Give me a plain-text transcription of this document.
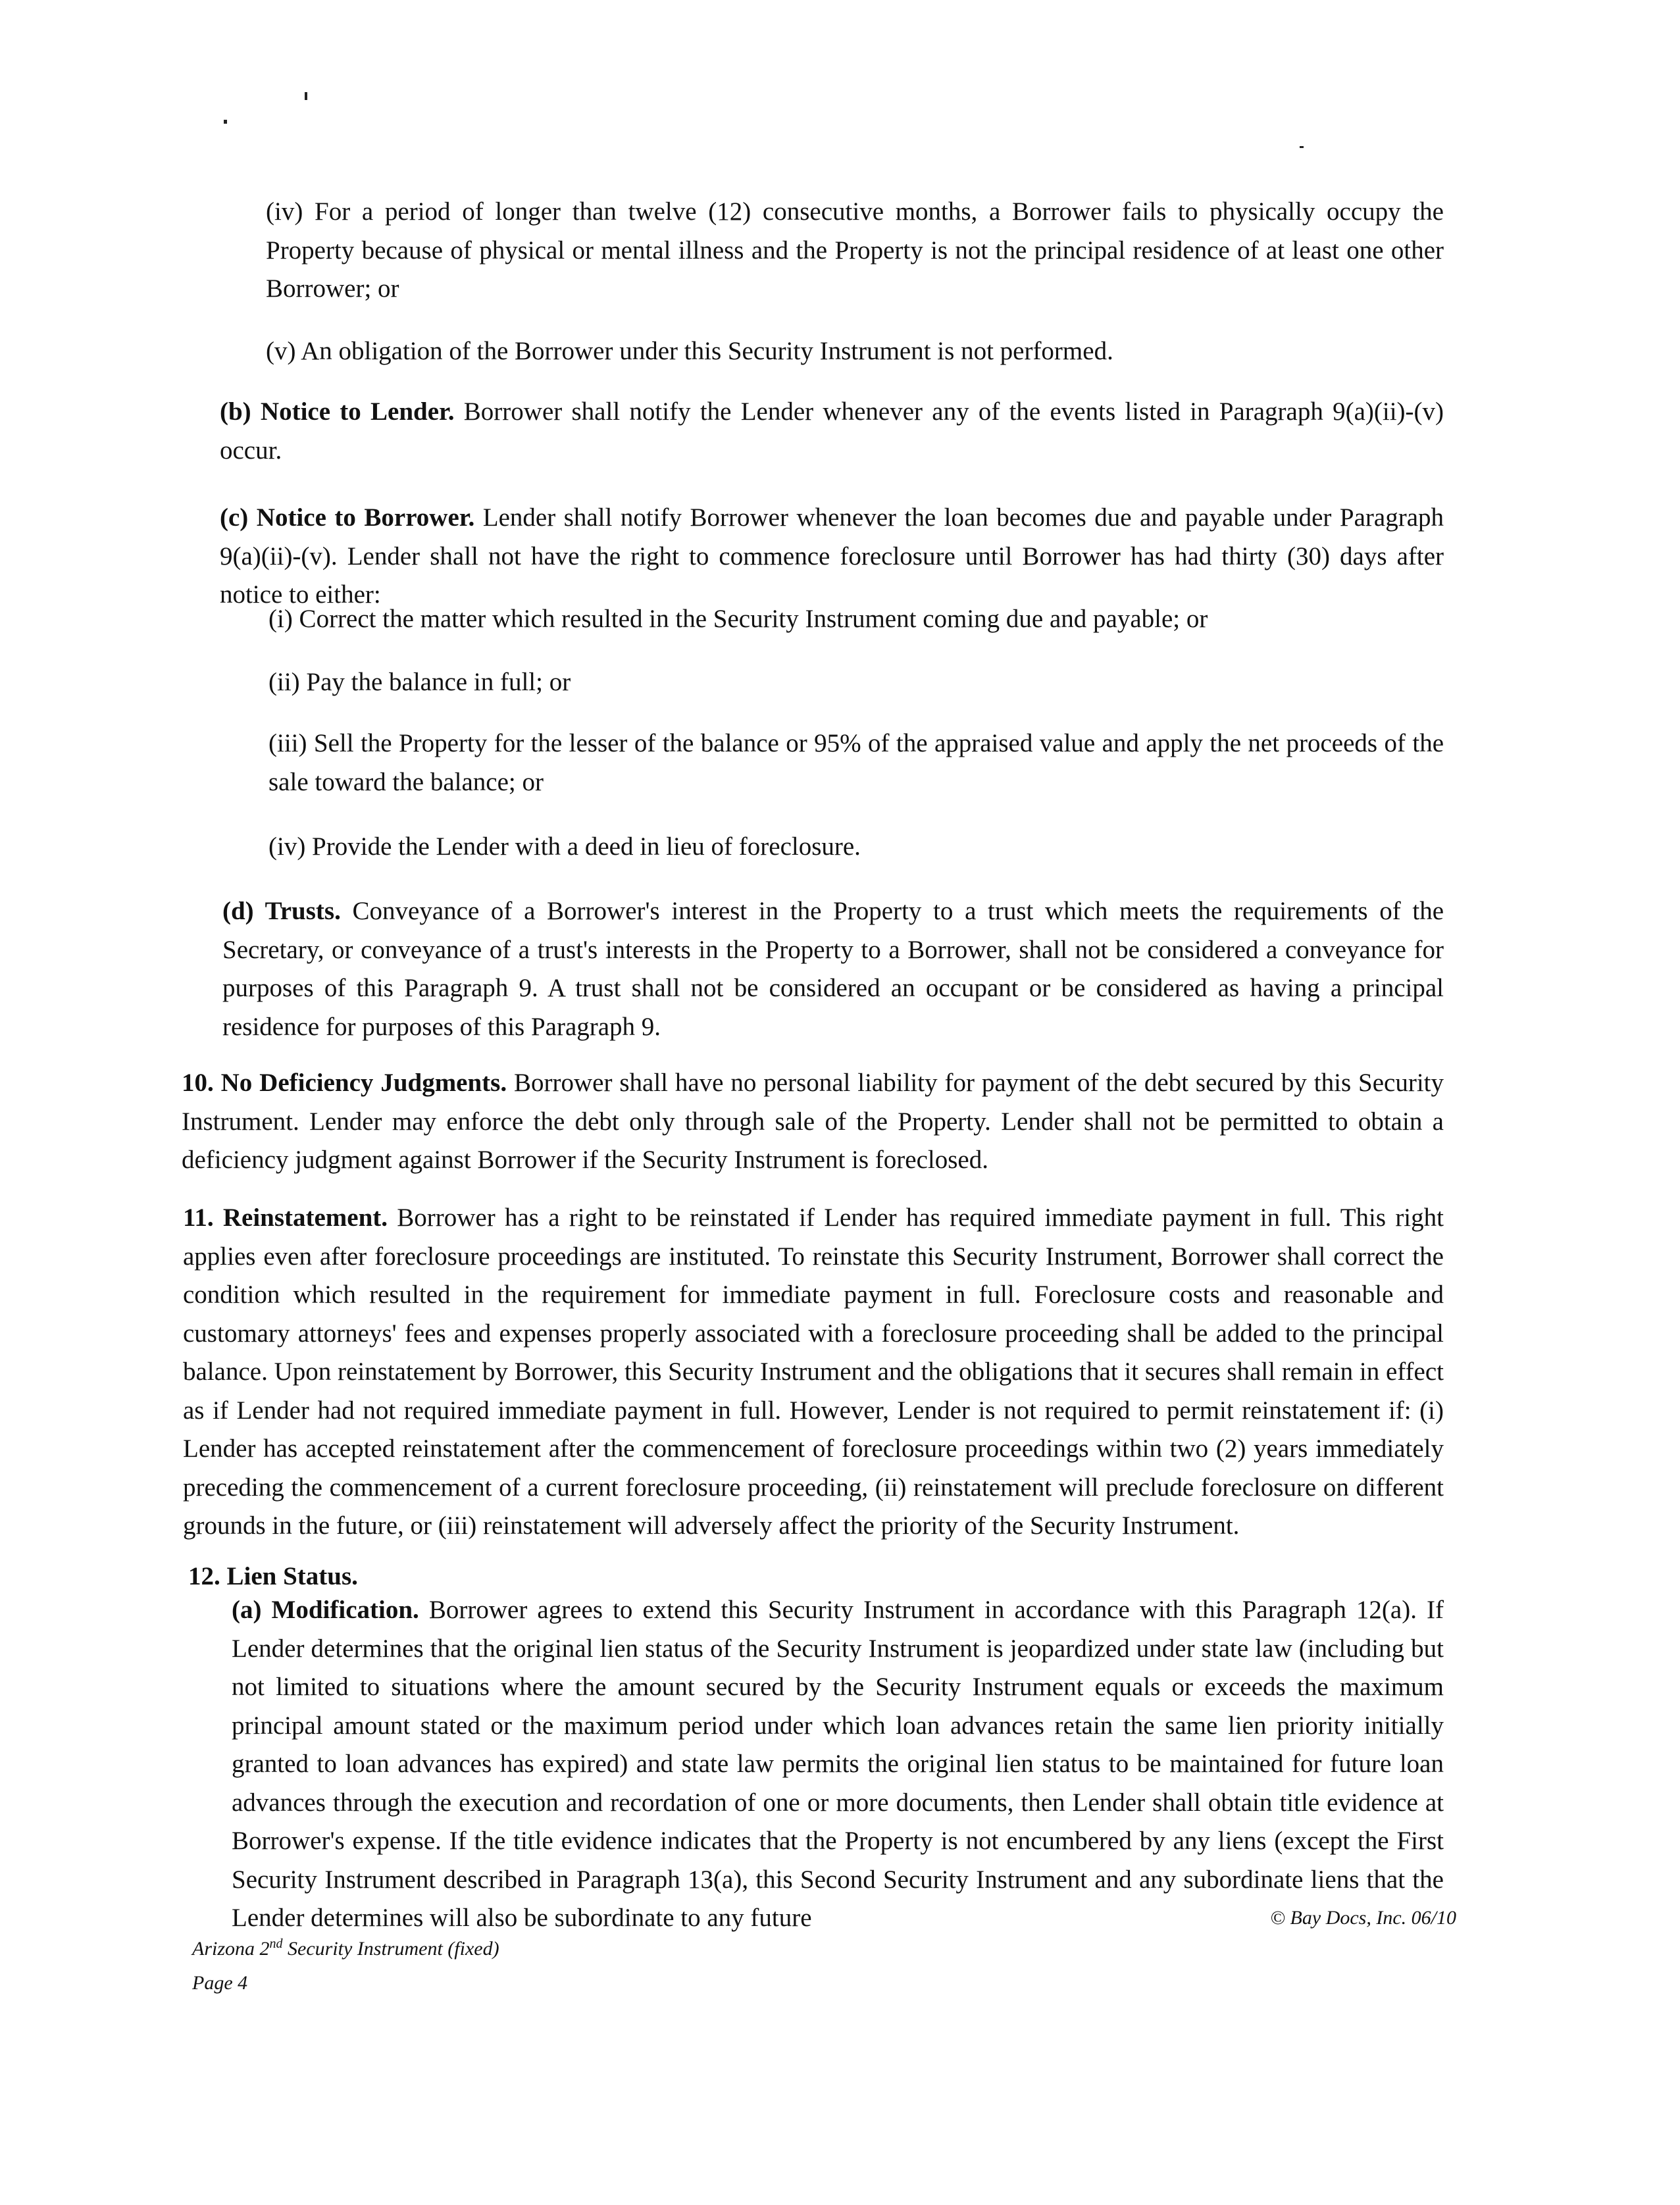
(iv) For a period of longer than twelve (12) consecutive months, a Borrower fails to physically occupy the Property because of physical or mental illness and the Property is not the principal residence of at least one other Borrower; or
(v) An obligation of the Borrower under this Security Instrument is not performed.
(b) Notice to Lender. Borrower shall notify the Lender whenever any of the events listed in Paragraph 9(a)(ii)-(v) occur.
(c) Notice to Borrower. Lender shall notify Borrower whenever the loan becomes due and payable under Paragraph 9(a)(ii)-(v). Lender shall not have the right to commence foreclosure until Borrower has had thirty (30) days after notice to either:
(i) Correct the matter which resulted in the Security Instrument coming due and payable; or
(ii) Pay the balance in full; or
(iii) Sell the Property for the lesser of the balance or 95% of the appraised value and apply the net proceeds of the sale toward the balance; or
(iv) Provide the Lender with a deed in lieu of foreclosure.
(d) Trusts. Conveyance of a Borrower's interest in the Property to a trust which meets the requirements of the Secretary, or conveyance of a trust's interests in the Property to a Borrower, shall not be considered a conveyance for purposes of this Paragraph 9. A trust shall not be considered an occupant or be considered as having a principal residence for purposes of this Paragraph 9.
10. No Deficiency Judgments. Borrower shall have no personal liability for payment of the debt secured by this Security Instrument. Lender may enforce the debt only through sale of the Property. Lender shall not be permitted to obtain a deficiency judgment against Borrower if the Security Instrument is foreclosed.
11. Reinstatement. Borrower has a right to be reinstated if Lender has required immediate payment in full. This right applies even after foreclosure proceedings are instituted. To reinstate this Security Instrument, Borrower shall correct the condition which resulted in the requirement for immediate payment in full. Foreclosure costs and reasonable and customary attorneys' fees and expenses properly associated with a foreclosure proceeding shall be added to the principal balance. Upon reinstatement by Borrower, this Security Instrument and the obligations that it secures shall remain in effect as if Lender had not required immediate payment in full. However, Lender is not required to permit reinstatement if: (i) Lender has accepted reinstatement after the commencement of foreclosure proceedings within two (2) years immediately preceding the commencement of a current foreclosure proceeding, (ii) reinstatement will preclude foreclosure on different grounds in the future, or (iii) reinstatement will adversely affect the priority of the Security Instrument.
12. Lien Status.
(a) Modification. Borrower agrees to extend this Security Instrument in accordance with this Paragraph 12(a). If Lender determines that the original lien status of the Security Instrument is jeopardized under state law (including but not limited to situations where the amount secured by the Security Instrument equals or exceeds the maximum principal amount stated or the maximum period under which loan advances retain the same lien priority initially granted to loan advances has expired) and state law permits the original lien status to be maintained for future loan advances through the execution and recordation of one or more documents, then Lender shall obtain title evidence at Borrower's expense. If the title evidence indicates that the Property is not encumbered by any liens (except the First Security Instrument described in Paragraph 13(a), this Second Security Instrument and any subordinate liens that the Lender determines will also be subordinate to any future
Arizona 2nd Security Instrument (fixed)
Page 4
© Bay Docs, Inc. 06/10
